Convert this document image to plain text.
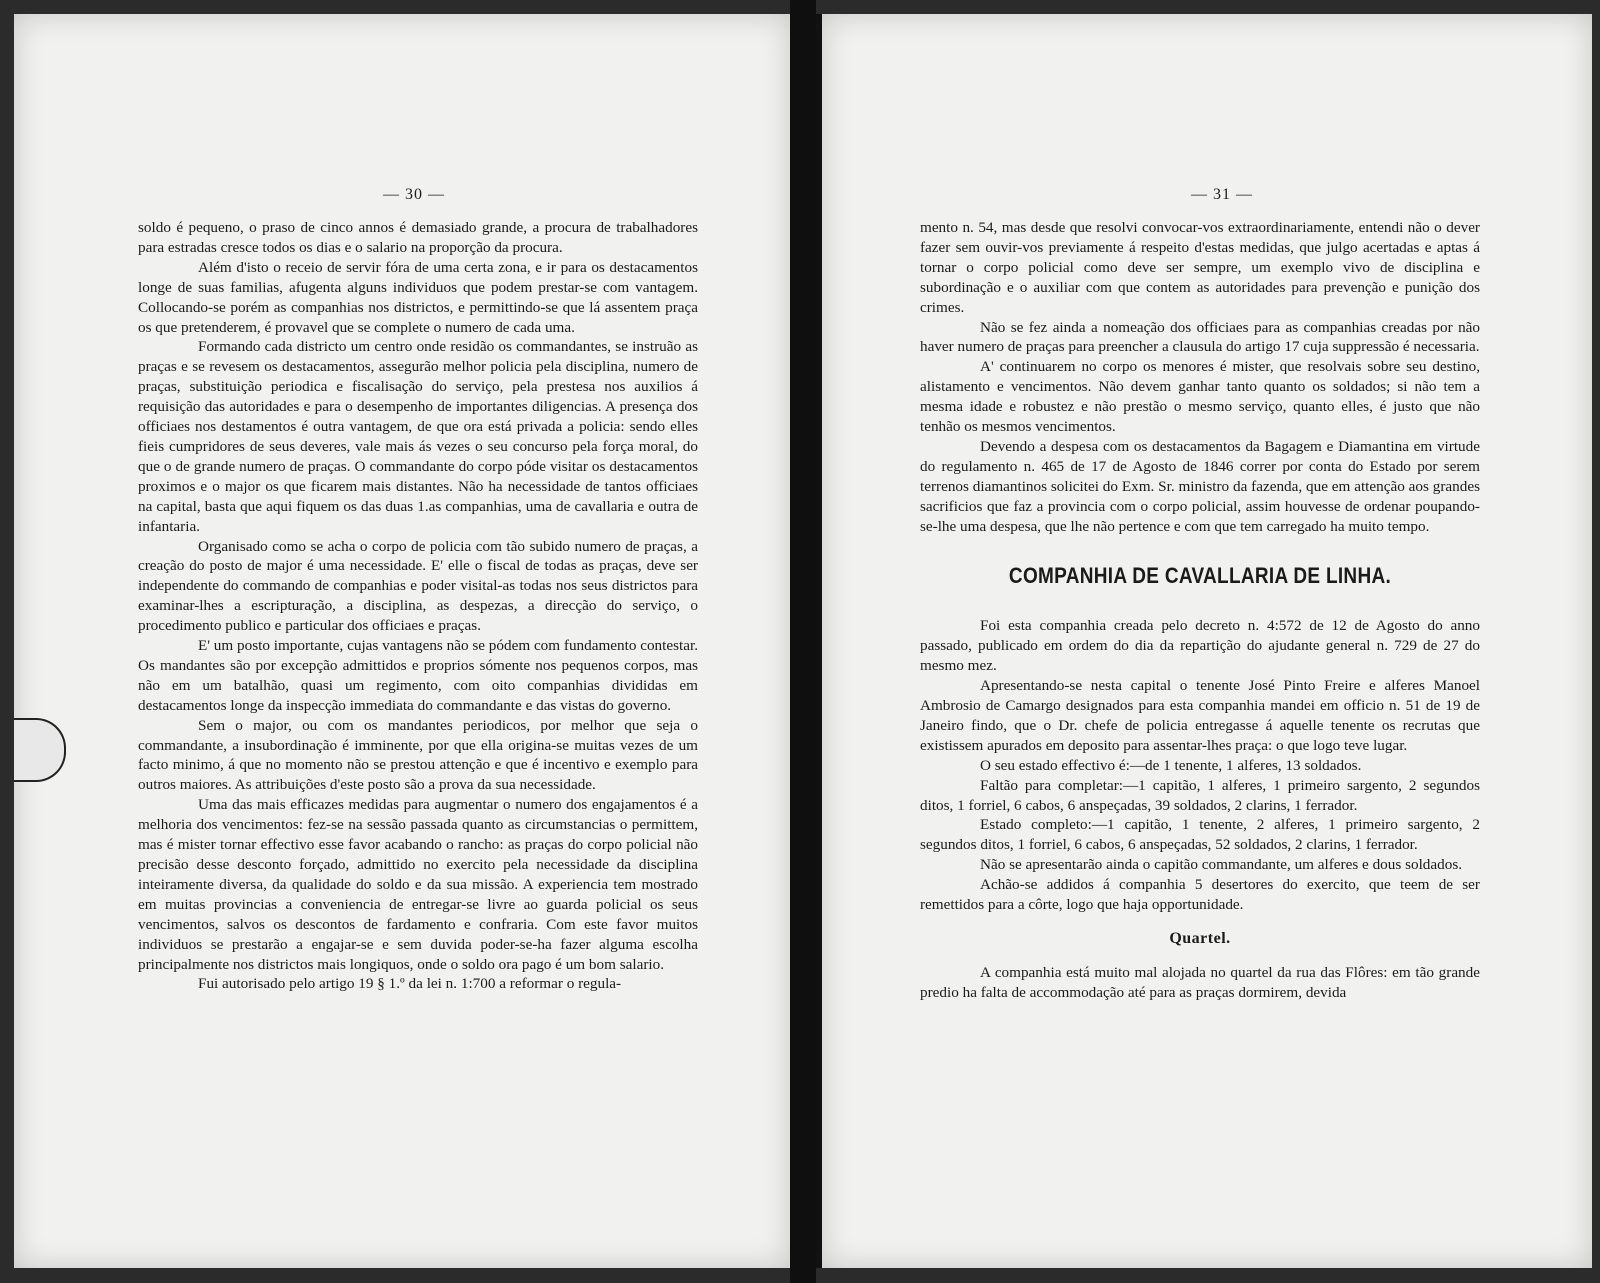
— 30 —

soldo é pequeno, o praso de cinco annos é demasiado grande, a procura de trabalhadores para estradas cresce todos os dias e o salario na proporção da procura.

Além d'isto o receio de servir fóra de uma certa zona, e ir para os destacamentos longe de suas familias, afugenta alguns individuos que podem prestar-se com vantagem. Collocando-se porém as companhias nos districtos, e permittindo-se que lá assentem praça os que pretenderem, é provavel que se complete o numero de cada uma.

Formando cada districto um centro onde residão os commandantes, se instruão as praças e se revesem os destacamentos, assegurão melhor policia pela disciplina, numero de praças, substituição periodica e fiscalisação do serviço, pela prestesa nos auxilios á requisição das autoridades e para o desempenho de importantes diligencias. A presença dos officiaes nos destamentos é outra vantagem, de que ora está privada a policia: sendo elles fieis cumpridores de seus deveres, vale mais ás vezes o seu concurso pela força moral, do que o de grande numero de praças. O commandante do corpo póde visitar os destacamentos proximos e o major os que ficarem mais distantes. Não ha necessidade de tantos officiaes na capital, basta que aqui fiquem os das duas 1.as companhias, uma de cavallaria e outra de infantaria.

Organisado como se acha o corpo de policia com tão subido numero de praças, a creação do posto de major é uma necessidade. E' elle o fiscal de todas as praças, deve ser independente do commando de companhias e poder visital-as todas nos seus districtos para examinar-lhes a escripturação, a disciplina, as despezas, a direcção do serviço, o procedimento publico e particular dos officiaes e praças.

E' um posto importante, cujas vantagens não se pódem com fundamento contestar. Os mandantes são por excepção admittidos e proprios sómente nos pequenos corpos, mas não em um batalhão, quasi um regimento, com oito companhias divididas em destacamentos longe da inspecção immediata do commandante e das vistas do governo.

Sem o major, ou com os mandantes periodicos, por melhor que seja o commandante, a insubordinação é imminente, por que ella origina-se muitas vezes de um facto minimo, á que no momento não se prestou attenção e que é incentivo e exemplo para outros maiores. As attribuições d'este posto são a prova da sua necessidade.

Uma das mais efficazes medidas para augmentar o numero dos engajamentos é a melhoria dos vencimentos: fez-se na sessão passada quanto as circumstancias o permittem, mas é mister tornar effectivo esse favor acabando o rancho: as praças do corpo policial não precisão desse desconto forçado, admittido no exercito pela necessidade da disciplina inteiramente diversa, da qualidade do soldo e da sua missão. A experiencia tem mostrado em muitas provincias a conveniencia de entregar-se livre ao guarda policial os seus vencimentos, salvos os descontos de fardamento e confraria. Com este favor muitos individuos se prestarão a engajar-se e sem duvida poder-se-ha fazer alguma escolha principalmente nos districtos mais longiquos, onde o soldo ora pago é um bom salario.

Fui autorisado pelo artigo 19 § 1.º da lei n. 1:700 a reformar o regula-

— 31 —

mento n. 54, mas desde que resolvi convocar-vos extraordinariamente, entendi não o dever fazer sem ouvir-vos previamente á respeito d'estas medidas, que julgo acertadas e aptas á tornar o corpo policial como deve ser sempre, um exemplo vivo de disciplina e subordinação e o auxiliar com que contem as autoridades para prevenção e punição dos crimes.

Não se fez ainda a nomeação dos officiaes para as companhias creadas por não haver numero de praças para preencher a clausula do artigo 17 cuja suppressão é necessaria.

A' continuarem no corpo os menores é mister, que resolvais sobre seu destino, alistamento e vencimentos. Não devem ganhar tanto quanto os soldados; si não tem a mesma idade e robustez e não prestão o mesmo serviço, quanto elles, é justo que não tenhão os mesmos vencimentos.

Devendo a despesa com os destacamentos da Bagagem e Diamantina em virtude do regulamento n. 465 de 17 de Agosto de 1846 correr por conta do Estado por serem terrenos diamantinos solicitei do Exm. Sr. ministro da fazenda, que em attenção aos grandes sacrificios que faz a provincia com o corpo policial, assim houvesse de ordenar poupando-se-lhe uma despesa, que lhe não pertence e com que tem carregado ha muito tempo.

COMPANHIA DE CAVALLARIA DE LINHA.

Foi esta companhia creada pelo decreto n. 4:572 de 12 de Agosto do anno passado, publicado em ordem do dia da repartição do ajudante general n. 729 de 27 do mesmo mez.

Apresentando-se nesta capital o tenente José Pinto Freire e alferes Manoel Ambrosio de Camargo designados para esta companhia mandei em officio n. 51 de 19 de Janeiro findo, que o Dr. chefe de policia entregasse á aquelle tenente os recrutas que existissem apurados em deposito para assentar-lhes praça: o que logo teve lugar.

O seu estado effectivo é:—de 1 tenente, 1 alferes, 13 soldados.

Faltão para completar:—1 capitão, 1 alferes, 1 primeiro sargento, 2 segundos ditos, 1 forriel, 6 cabos, 6 anspeçadas, 39 soldados, 2 clarins, 1 ferrador.

Estado completo:—1 capitão, 1 tenente, 2 alferes, 1 primeiro sargento, 2 segundos ditos, 1 forriel, 6 cabos, 6 anspeçadas, 52 soldados, 2 clarins, 1 ferrador.

Não se apresentarão ainda o capitão commandante, um alferes e dous soldados.

Achão-se addidos á companhia 5 desertores do exercito, que teem de ser remettidos para a côrte, logo que haja opportunidade.

Quartel.

A companhia está muito mal alojada no quartel da rua das Flôres: em tão grande predio ha falta de accommodação até para as praças dormirem, devida
